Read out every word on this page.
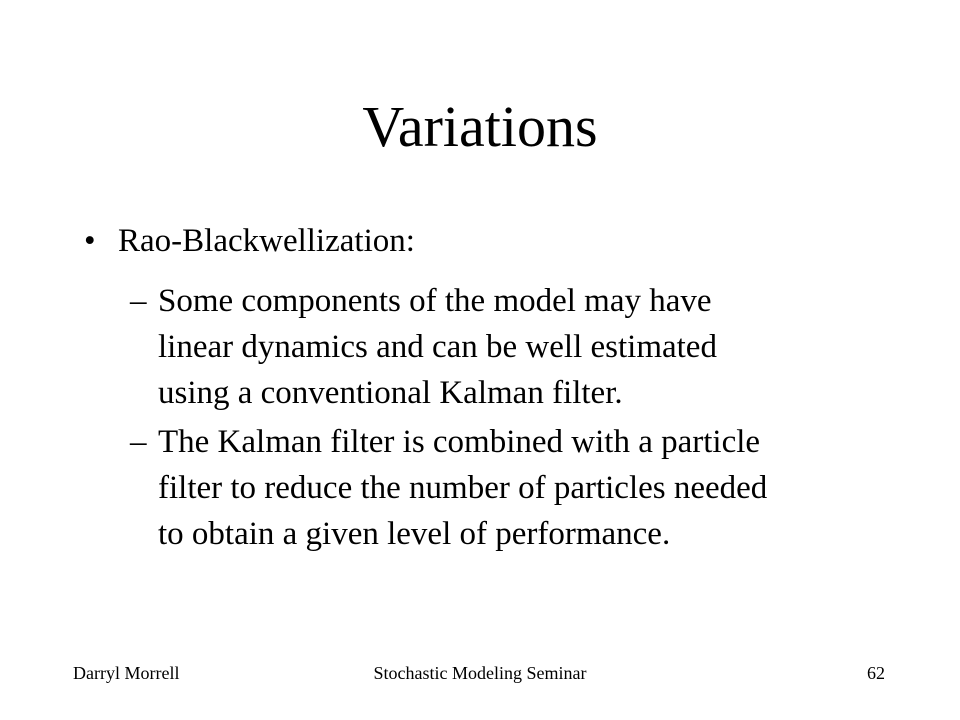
Variations
• Rao-Blackwellization:
– Some components of the model may have
linear dynamics and can be well estimated
using a conventional Kalman filter.
– The Kalman filter is combined with a particle
filter to reduce the number of particles needed
to obtain a given level of performance.
Darryl Morrell	Stochastic Modeling Seminar	62
